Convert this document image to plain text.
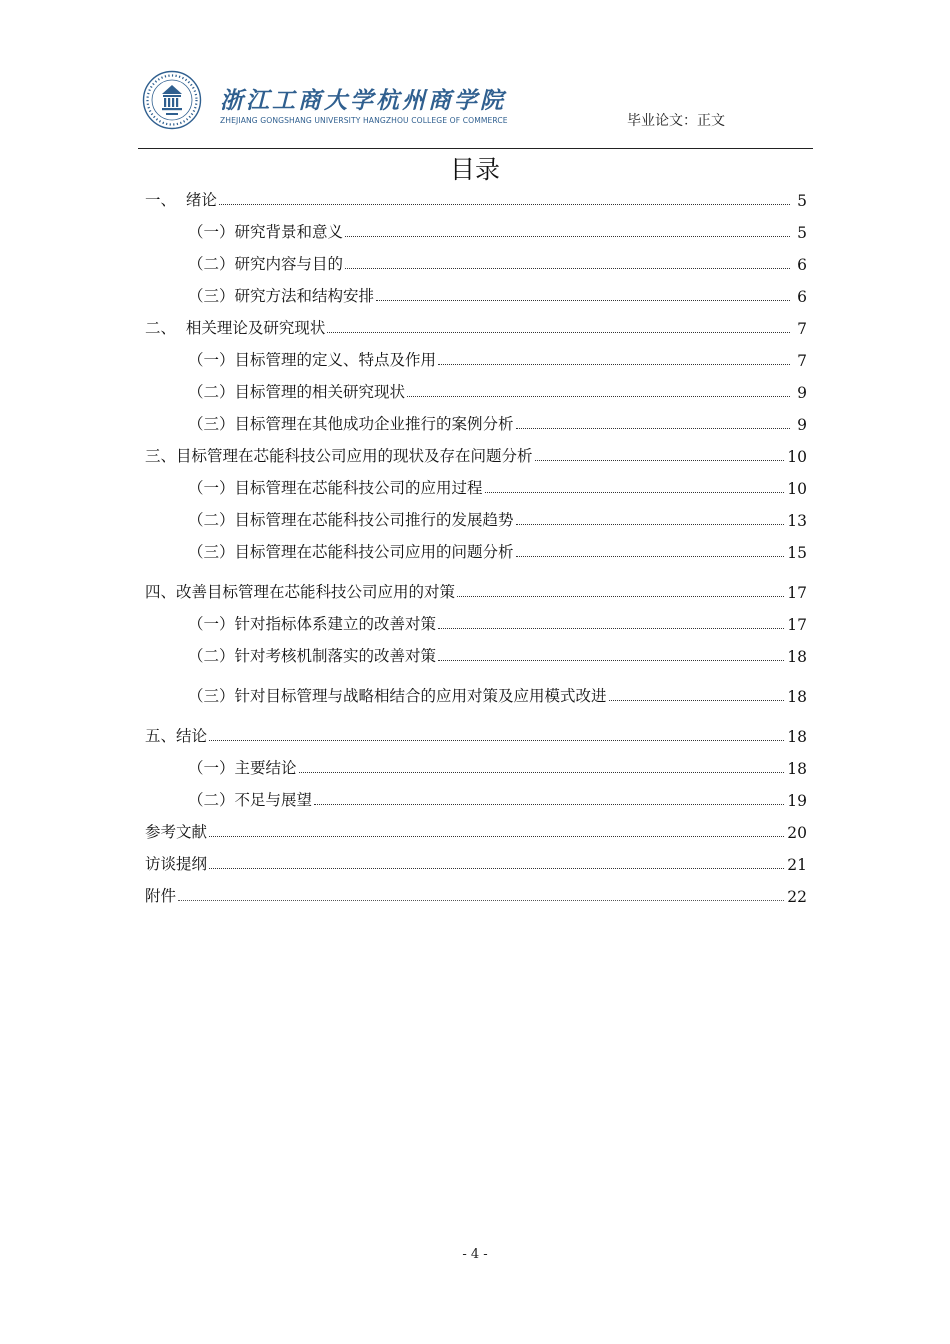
浙江工商大学杭州商学院
ZHEJIANG GONGSHANG UNIVERSITY HANGZHOU COLLEGE OF COMMERCE	毕业论文：正文
目录
一、  绪论	5
（一）研究背景和意义	5
（二）研究内容与目的	6
（三）研究方法和结构安排	6
二、  相关理论及研究现状	7
（一）目标管理的定义、特点及作用	7
（二）目标管理的相关研究现状	9
（三）目标管理在其他成功企业推行的案例分析	9
三、目标管理在芯能科技公司应用的现状及存在问题分析	10
（一）目标管理在芯能科技公司的应用过程	10
（二）目标管理在芯能科技公司推行的发展趋势	13
（三）目标管理在芯能科技公司应用的问题分析	15
四、改善目标管理在芯能科技公司应用的对策	17
（一）针对指标体系建立的改善对策	17
（二）针对考核机制落实的改善对策	18
（三）针对目标管理与战略相结合的应用对策及应用模式改进	18
五、结论	18
（一）主要结论	18
（二）不足与展望	19
参考文献	20
访谈提纲	21
附件	22
- 4 -
